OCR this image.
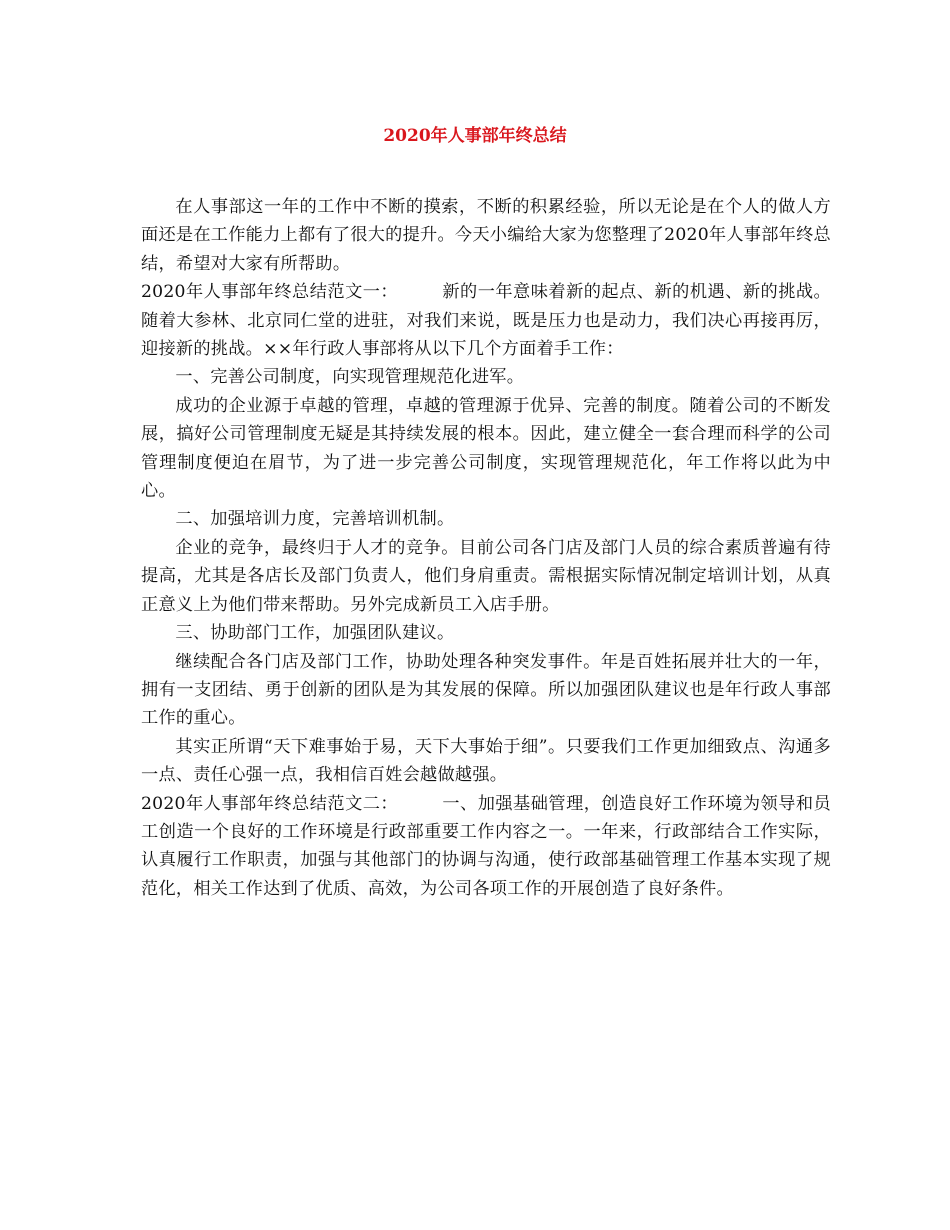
2020年人事部年终总结

在人事部这一年的工作中不断的摸索，不断的积累经验，所以无论是在个人的做人方面还是在工作能力上都有了很大的提升。今天小编给大家为您整理了2020年人事部年终总结，希望对大家有所帮助。

2020年人事部年终总结范文一：	新的一年意味着新的起点、新的机遇、新的挑战。随着大参林、北京同仁堂的进驻，对我们来说，既是压力也是动力，我们决心再接再厉，迎接新的挑战。××年行政人事部将从以下几个方面着手工作：

一、完善公司制度，向实现管理规范化进军。

成功的企业源于卓越的管理，卓越的管理源于优异、完善的制度。随着公司的不断发展，搞好公司管理制度无疑是其持续发展的根本。因此，建立健全一套合理而科学的公司管理制度便迫在眉节，为了进一步完善公司制度，实现管理规范化，年工作将以此为中心。

二、加强培训力度，完善培训机制。

企业的竞争，最终归于人才的竞争。目前公司各门店及部门人员的综合素质普遍有待提高，尤其是各店长及部门负责人，他们身肩重责。需根据实际情况制定培训计划，从真正意义上为他们带来帮助。另外完成新员工入店手册。

三、协助部门工作，加强团队建议。

继续配合各门店及部门工作，协助处理各种突发事件。年是百姓拓展并壮大的一年，拥有一支团结、勇于创新的团队是为其发展的保障。所以加强团队建议也是年行政人事部工作的重心。

其实正所谓“天下难事始于易，天下大事始于细”。只要我们工作更加细致点、沟通多一点、责任心强一点，我相信百姓会越做越强。

2020年人事部年终总结范文二：	一、加强基础管理，创造良好工作环境为领导和员工创造一个良好的工作环境是行政部重要工作内容之一。一年来，行政部结合工作实际，认真履行工作职责，加强与其他部门的协调与沟通，使行政部基础管理工作基本实现了规范化，相关工作达到了优质、高效，为公司各项工作的开展创造了良好条件。
